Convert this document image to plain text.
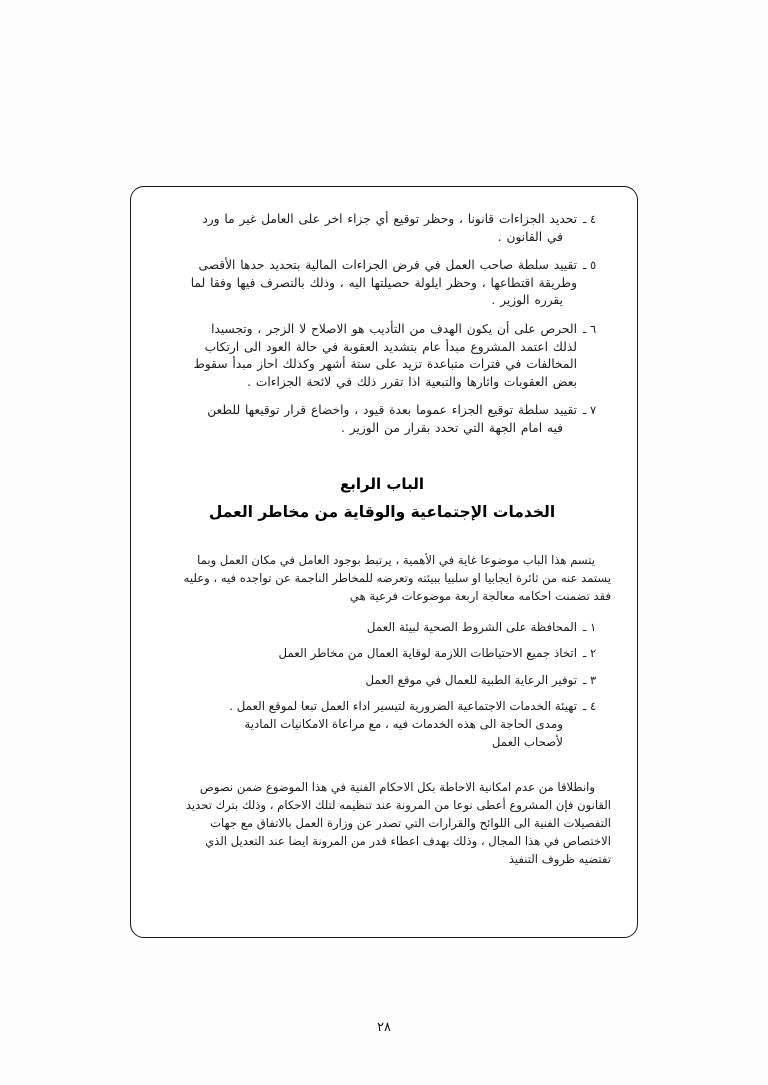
٤ ـ
تحديد الجزاءات قانونا ، وحظر توقيع أي جزاء اخر على العامل غير ما ورد
في القانون .
٥ ـ
تقييد سلطة صاحب العمل في فرض الجزاءات المالية بتحديد حدها الأقصى
وطريقة اقتطاعها ، وحظر ايلولة حصيلتها اليه ، وذلك بالتصرف فيها وفقا لما
يقرره الوزير .
٦ ـ
الحرص على أن يكون الهدف من التأديب هو الاصلاح لا الزجر ، وتجسيدا
لذلك اعتمد المشروع مبدأ عام بتشديد العقوبة في حالة العود الى ارتكاب
المخالفات في فترات متباعدة تزيد على ستة أشهر وكذلك احاز مبدأ سقوط
بعض العقوبات واثارها والتبعية اذا تقرر ذلك في لائحة الجزاءات .
٧ ـ
تقييد سلطة توقيع الجزاء عموما بعدة قيود ، واخضاع قرار توقيعها للطعن
فيه امام الجهة التي تحدد بقرار من الوزير .
الباب الرابع
الخدمات الإجتماعية والوقاية من مخاطر العمل

يتسم هذا الباب موضوعا غاية في الأهمية ، يرتبط بوجود العامل في مكان العمل وبما
يستمد عنه من ثائرة ايجابيا او سلبيا ببيئته وتعرضه للمخاطر الناجمة عن تواجده فيه ، وعليه
فقد تضمنت احكامه معالجة اربعة موضوعات فرعية هي

١ ـ
المحافظة على الشروط الصحية لبيئة العمل
٢ ـ
اتخاذ جميع الاحتياطات اللازمة لوقاية العمال من مخاطر العمل
٣ ـ
توفير الرعاية الطبية للعمال في موقع العمل
٤ ـ
تهيئة الخدمات الاجتماعية الضرورية لتيسير اداء العمل تبعا لموقع العمل .
ومدى الحاجة الى هذه الخدمات فيه ، مع مراعاة الامكانيات المادية
لأصحاب العمل

وانطلاقا من عدم امكانية الاحاطة بكل الاحكام الفنية في هذا الموضوع ضمن نصوص
القانون فإن المشروع أعطى نوعا من المرونة عند تنظيمه لتلك الاحكام ، وذلك بترك تحديد
التفصيلات الفنية الى اللوائح والقرارات التي تصدر عن وزارة العمل بالاتفاق مع جهات
الاختصاص في هذا المجال ، وذلك بهدف اعطاء قدر من المرونة ايضا عند التعديل الذي
تفتضيه ظروف التنفيذ

٢٨
